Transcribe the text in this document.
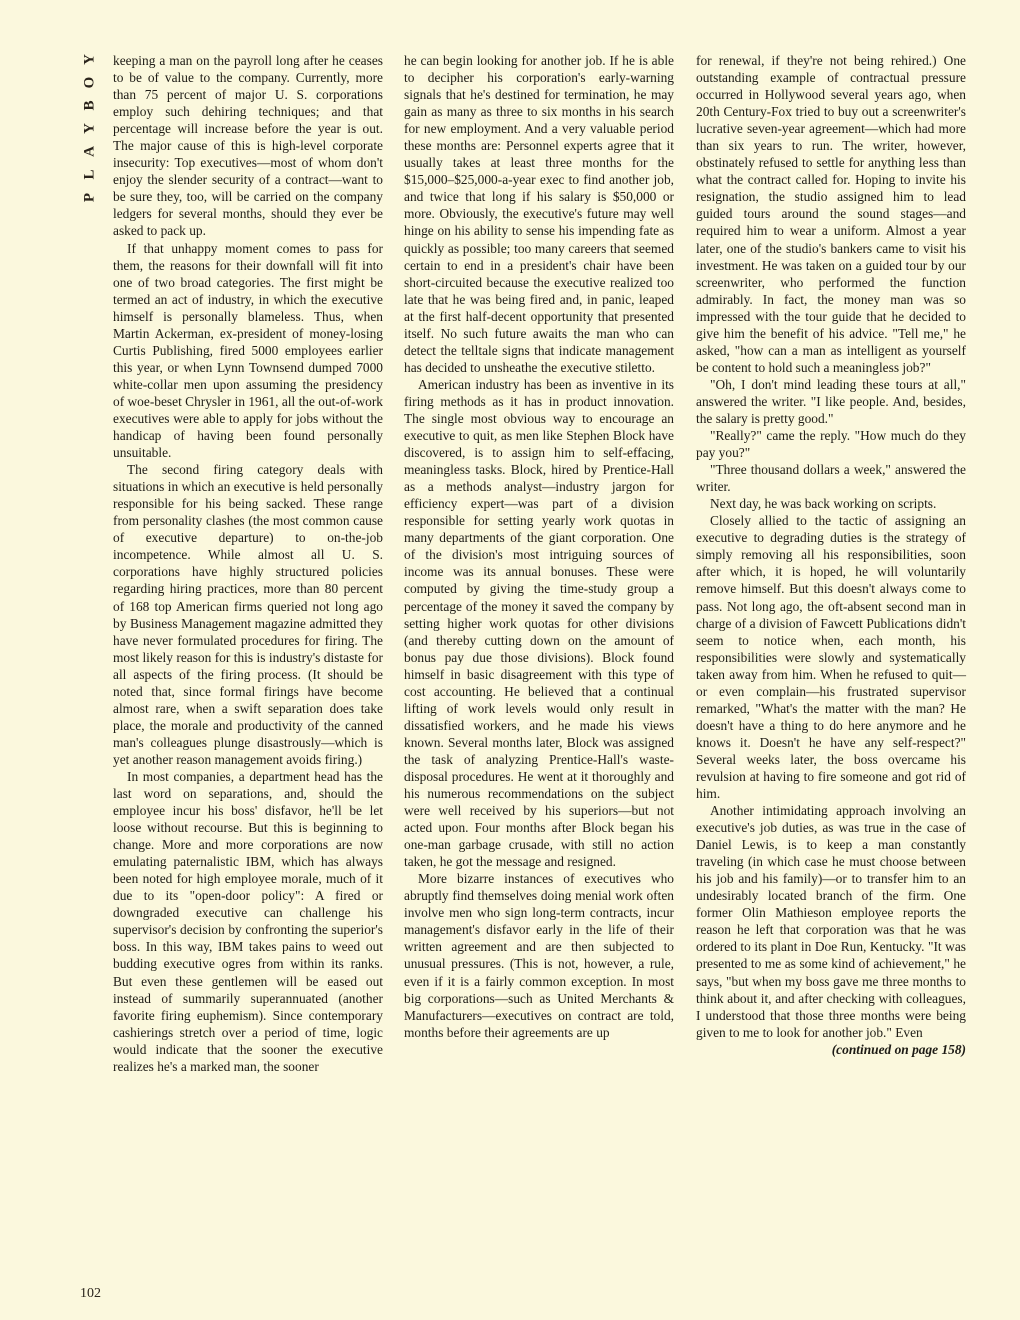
Y
O
B
Y
A
L
P
102

keeping a man on the payroll long after he ceases to be of value to the company. Currently, more than 75 percent of major U. S. corporations employ such dehiring techniques; and that percentage will increase before the year is out. The major cause of this is high-level corporate insecurity: Top executives—most of whom don't enjoy the slender security of a contract—want to be sure they, too, will be carried on the company ledgers for several months, should they ever be asked to pack up.

If that unhappy moment comes to pass for them, the reasons for their downfall will fit into one of two broad categories. The first might be termed an act of industry, in which the executive himself is personally blameless. Thus, when Martin Ackerman, ex-president of money-losing Curtis Publishing, fired 5000 employees earlier this year, or when Lynn Townsend dumped 7000 white-collar men upon assuming the presidency of woe-beset Chrysler in 1961, all the out-of-work executives were able to apply for jobs without the handicap of having been found personally unsuitable.

The second firing category deals with situations in which an executive is held personally responsible for his being sacked. These range from personality clashes (the most common cause of executive departure) to on-the-job incompetence. While almost all U. S. corporations have highly structured policies regarding hiring practices, more than 80 percent of 168 top American firms queried not long ago by Business Management magazine admitted they have never formulated procedures for firing. The most likely reason for this is industry's distaste for all aspects of the firing process. (It should be noted that, since formal firings have become almost rare, when a swift separation does take place, the morale and productivity of the canned man's colleagues plunge disastrously—which is yet another reason management avoids firing.)

In most companies, a department head has the last word on separations, and, should the employee incur his boss' disfavor, he'll be let loose without recourse. But this is beginning to change. More and more corporations are now emulating paternalistic IBM, which has always been noted for high employee morale, much of it due to its "open-door policy": A fired or downgraded executive can challenge his supervisor's decision by confronting the superior's boss. In this way, IBM takes pains to weed out budding executive ogres from within its ranks. But even these gentlemen will be eased out instead of summarily superannuated (another favorite firing euphemism). Since contemporary cashierings stretch over a period of time, logic would indicate that the sooner the executive realizes he's a marked man, the sooner

he can begin looking for another job. If he is able to decipher his corporation's early-warning signals that he's destined for termination, he may gain as many as three to six months in his search for new employment. And a very valuable period these months are: Personnel experts agree that it usually takes at least three months for the $15,000–$25,000-a-year exec to find another job, and twice that long if his salary is $50,000 or more. Obviously, the executive's future may well hinge on his ability to sense his impending fate as quickly as possible; too many careers that seemed certain to end in a president's chair have been short-circuited because the executive realized too late that he was being fired and, in panic, leaped at the first half-decent opportunity that presented itself. No such future awaits the man who can detect the telltale signs that indicate management has decided to unsheathe the executive stiletto.

American industry has been as inventive in its firing methods as it has in product innovation. The single most obvious way to encourage an executive to quit, as men like Stephen Block have discovered, is to assign him to self-effacing, meaningless tasks. Block, hired by Prentice-Hall as a methods analyst—industry jargon for efficiency expert—was part of a division responsible for setting yearly work quotas in many departments of the giant corporation. One of the division's most intriguing sources of income was its annual bonuses. These were computed by giving the time-study group a percentage of the money it saved the company by setting higher work quotas for other divisions (and thereby cutting down on the amount of bonus pay due those divisions). Block found himself in basic disagreement with this type of cost accounting. He believed that a continual lifting of work levels would only result in dissatisfied workers, and he made his views known. Several months later, Block was assigned the task of analyzing Prentice-Hall's waste-disposal procedures. He went at it thoroughly and his numerous recommendations on the subject were well received by his superiors—but not acted upon. Four months after Block began his one-man garbage crusade, with still no action taken, he got the message and resigned.

More bizarre instances of executives who abruptly find themselves doing menial work often involve men who sign long-term contracts, incur management's disfavor early in the life of their written agreement and are then subjected to unusual pressures. (This is not, however, a rule, even if it is a fairly common exception. In most big corporations—such as United Merchants & Manufacturers—executives on contract are told, months before their agreements are up

for renewal, if they're not being rehired.) One outstanding example of contractual pressure occurred in Hollywood several years ago, when 20th Century-Fox tried to buy out a screenwriter's lucrative seven-year agreement—which had more than six years to run. The writer, however, obstinately refused to settle for anything less than what the contract called for. Hoping to invite his resignation, the studio assigned him to lead guided tours around the sound stages—and required him to wear a uniform. Almost a year later, one of the studio's bankers came to visit his investment. He was taken on a guided tour by our screenwriter, who performed the function admirably. In fact, the money man was so impressed with the tour guide that he decided to give him the benefit of his advice. "Tell me," he asked, "how can a man as intelligent as yourself be content to hold such a meaningless job?"

"Oh, I don't mind leading these tours at all," answered the writer. "I like people. And, besides, the salary is pretty good."

"Really?" came the reply. "How much do they pay you?"

"Three thousand dollars a week," answered the writer.

Next day, he was back working on scripts.

Closely allied to the tactic of assigning an executive to degrading duties is the strategy of simply removing all his responsibilities, soon after which, it is hoped, he will voluntarily remove himself. But this doesn't always come to pass. Not long ago, the oft-absent second man in charge of a division of Fawcett Publications didn't seem to notice when, each month, his responsibilities were slowly and systematically taken away from him. When he refused to quit—or even complain—his frustrated supervisor remarked, "What's the matter with the man? He doesn't have a thing to do here anymore and he knows it. Doesn't he have any self-respect?" Several weeks later, the boss overcame his revulsion at having to fire someone and got rid of him.

Another intimidating approach involving an executive's job duties, as was true in the case of Daniel Lewis, is to keep a man constantly traveling (in which case he must choose between his job and his family)—or to transfer him to an undesirably located branch of the firm. One former Olin Mathieson employee reports the reason he left that corporation was that he was ordered to its plant in Doe Run, Kentucky. "It was presented to me as some kind of achievement," he says, "but when my boss gave me three months to think about it, and after checking with colleagues, I understood that those three months were being given to me to look for another job." Even

(continued on page 158)
